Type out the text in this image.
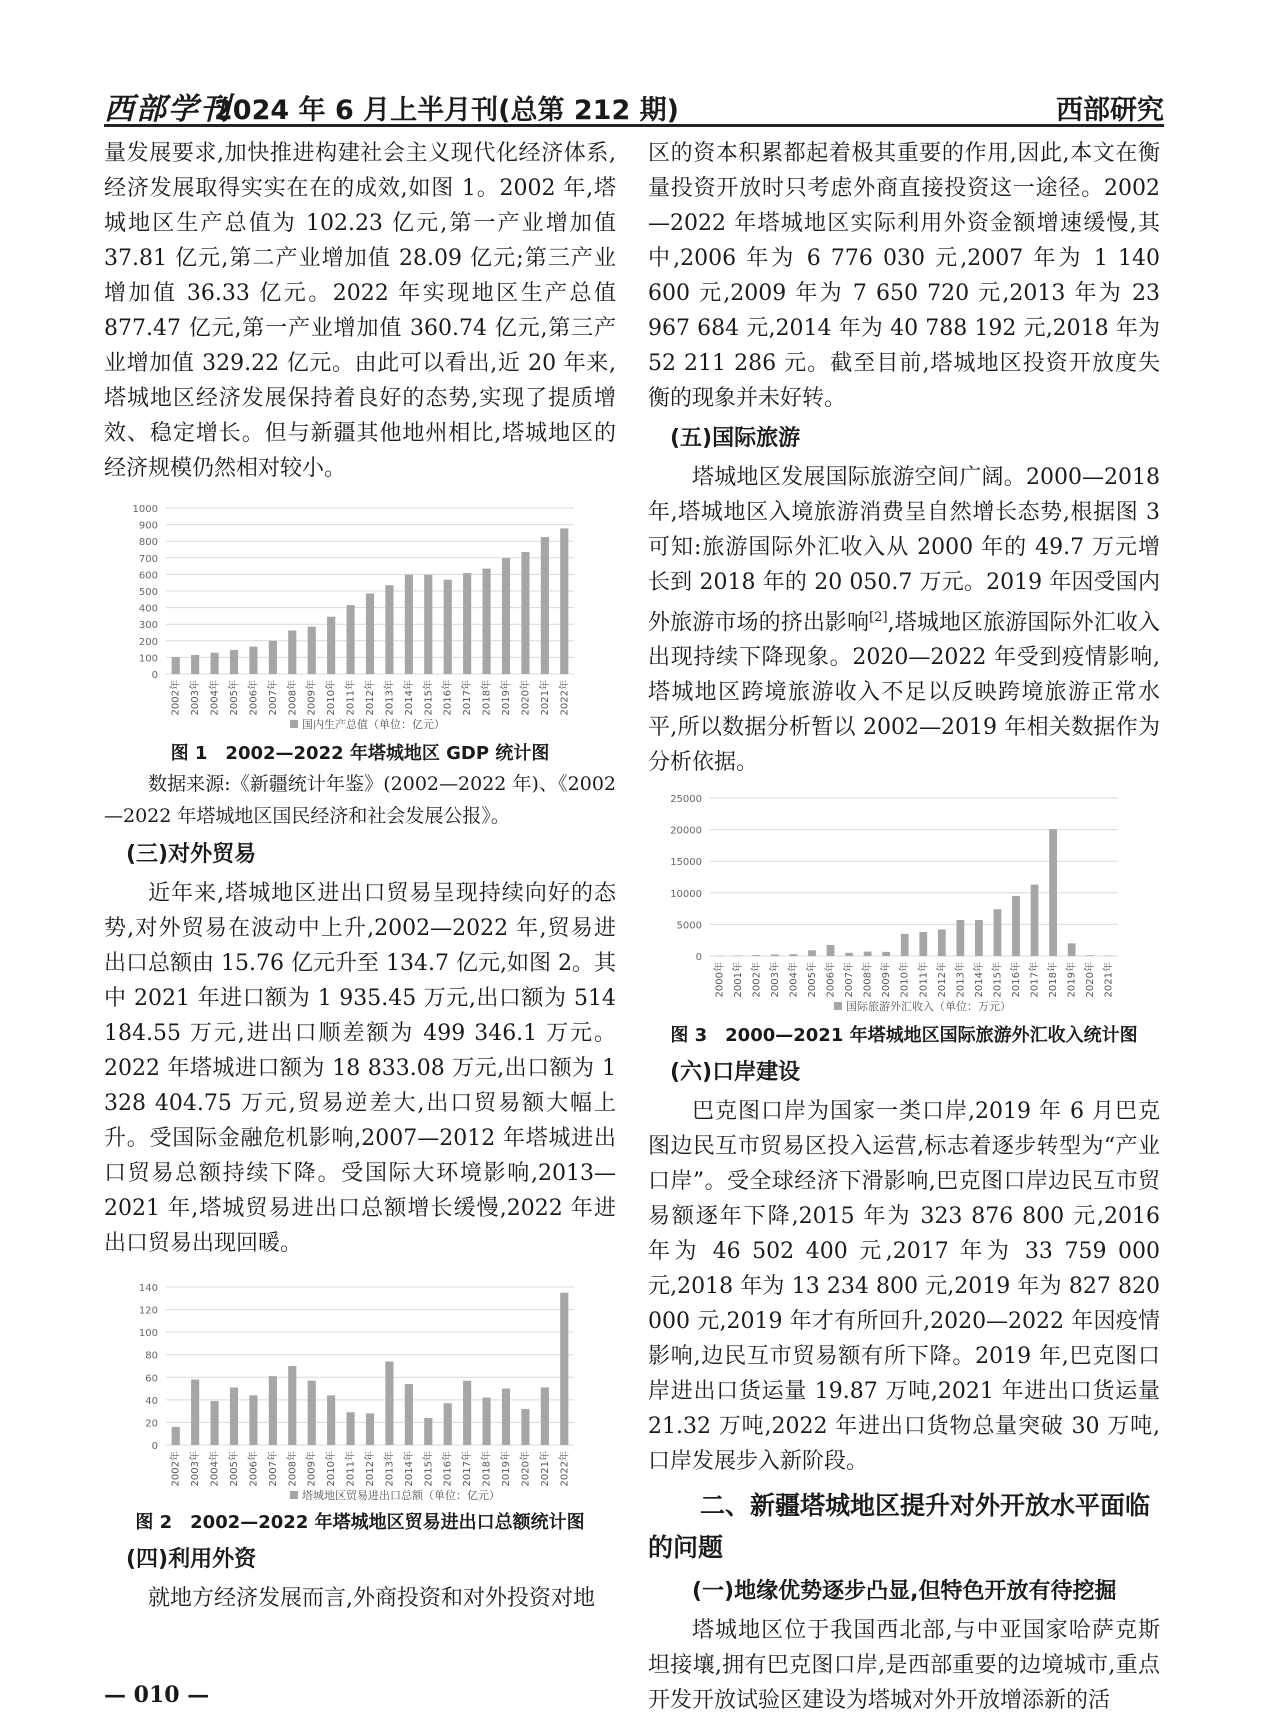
西部学刊
2024 年 6 月上半月刊(总第 212 期)	西部研究

量发展要求,加快推进构建社会主义现代化经济体系,经济发展取得实实在在的成效,如图 1。2002 年,塔城地区生产总值为 102.23 亿元,第一产业增加值 37.81 亿元,第二产业增加值 28.09 亿元;第三产业增加值 36.33 亿元。2022 年实现地区生产总值 877.47 亿元,第一产业增加值 360.74 亿元,第三产业增加值 329.22 亿元。由此可以看出,近 20 年来,塔城地区经济发展保持着良好的态势,实现了提质增效、稳定增长。但与新疆其他地州相比,塔城地区的经济规模仍然相对较小。

0
100
200
300
400
500
600
700
800
900
1000
2002年 2003年 2004年 2005年 2006年 2007年 2008年 2009年 2010年 2011年 2012年 2013年 2014年 2015年 2016年 2017年 2018年 2019年 2020年 2021年 2022年
国内生产总值（单位：亿元）
图 1　2002—2022 年塔城地区 GDP 统计图

数据来源:《新疆统计年鉴》(2002—2022 年)、《2002—2022 年塔城地区国民经济和社会发展公报》。

(三)对外贸易

近年来,塔城地区进出口贸易呈现持续向好的态势,对外贸易在波动中上升,2002—2022 年,贸易进出口总额由 15.76 亿元升至 134.7 亿元,如图 2。其中 2021 年进口额为 1 935.45 万元,出口额为 514 184.55 万元,进出口顺差额为 499 346.1 万元。2022 年塔城进口额为 18 833.08 万元,出口额为 1 328 404.75 万元,贸易逆差大,出口贸易额大幅上升。受国际金融危机影响,2007—2012 年塔城进出口贸易总额持续下降。受国际大环境影响,2013—2021 年,塔城贸易进出口总额增长缓慢,2022 年进出口贸易出现回暖。

0
20
40
60
80
100
120
140
2002年 2003年 2004年 2005年 2006年 2007年 2008年 2009年 2010年 2011年 2012年 2013年 2014年 2015年 2016年 2017年 2018年 2019年 2020年 2021年 2022年
塔城地区贸易进出口总额（单位：亿元）
图 2　2002—2022 年塔城地区贸易进出口总额统计图
(四)利用外资

就地方经济发展而言,外商投资和对外投资对地

区的资本积累都起着极其重要的作用,因此,本文在衡量投资开放时只考虑外商直接投资这一途径。2002—2022 年塔城地区实际利用外资金额增速缓慢,其中,2006 年为 6 776 030 元,2007 年为 1 140 600 元,2009 年为 7 650 720 元,2013 年为 23 967 684 元,2014 年为 40 788 192 元,2018 年为 52 211 286 元。截至目前,塔城地区投资开放度失衡的现象并未好转。

(五)国际旅游

塔城地区发展国际旅游空间广阔。2000—2018 年,塔城地区入境旅游消费呈自然增长态势,根据图 3 可知:旅游国际外汇收入从 2000 年的 49.7 万元增长到 2018 年的 20 050.7 万元。2019 年因受国内外旅游市场的挤出影响[2],塔城地区旅游国际外汇收入出现持续下降现象。2020—2022 年受到疫情影响,塔城地区跨境旅游收入不足以反映跨境旅游正常水平,所以数据分析暂以 2002—2019 年相关数据作为分析依据。

0
5000
10000
15000
20000
25000
2000年 2001年 2002年 2003年 2004年 2005年 2006年 2007年 2008年 2009年 2010年 2011年 2012年 2013年 2014年 2015年 2016年 2017年 2018年 2019年 2020年 2021年
国际旅游外汇收入（单位：万元）
图 3　2000—2021 年塔城地区国际旅游外汇收入统计图
(六)口岸建设

巴克图口岸为国家一类口岸,2019 年 6 月巴克图边民互市贸易区投入运营,标志着逐步转型为“产业口岸”。受全球经济下滑影响,巴克图口岸边民互市贸易额逐年下降,2015 年为 323 876 800 元,2016 年为 46 502 400 元,2017 年为 33 759 000 元,2018 年为 13 234 800 元,2019 年为 827 820 000 元,2019 年才有所回升,2020—2022 年因疫情影响,边民互市贸易额有所下降。2019 年,巴克图口岸进出口货运量 19.87 万吨,2021 年进出口货运量 21.32 万吨,2022 年进出口货物总量突破 30 万吨,口岸发展步入新阶段。

二、新疆塔城地区提升对外开放水平面临的问题
(一)地缘优势逐步凸显,但特色开放有待挖掘

塔城地区位于我国西北部,与中亚国家哈萨克斯坦接壤,拥有巴克图口岸,是西部重要的边境城市,重点开发开放试验区建设为塔城对外开放增添新的活

— 010 —
